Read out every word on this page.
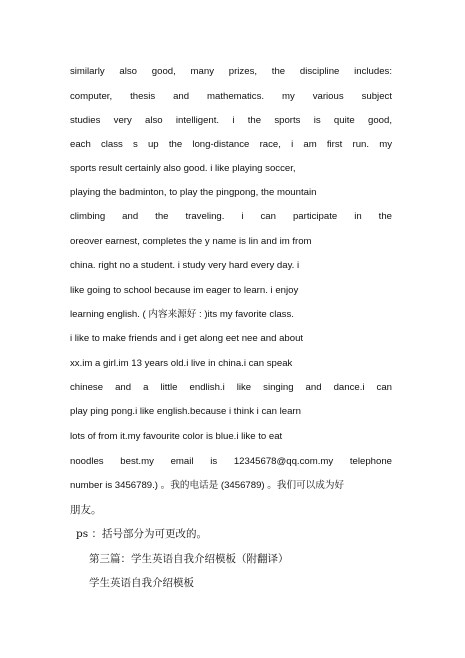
similarly also good, many prizes, the discipline includes:
computer, thesis and mathematics. my various subject
studies very also intelligent. i the sports is quite good,
each class s up the long-distance race, i am first run. my
sports result certainly also good. i like playing soccer,
playing the badminton, to play the pingpong, the mountain
climbing and the traveling. i can participate in the
oreover earnest, completes the y name is lin and im from
china. right no a student. i study very hard every day. i
like going to school because im eager to learn. i enjoy
learning english. ( 内容来源好 : )its my favorite class.
i like to make friends and i get along eet nee and about
xx.im a girl.im 13 years old.i live in china.i can speak
chinese and a little endlish.i like singing and dance.i can
play ping pong.i like english.because i think i can learn
lots of from it.my favourite color is blue.i like to eat
noodles best.my email is 12345678@qq.com.my telephone
number is 3456789.) 。我的电话是 (3456789) 。我们可以成为好
朋友。
ps ：括号部分为可更改的。
第三篇：学生英语自我介绍模板（附翻译）
学生英语自我介绍模板
